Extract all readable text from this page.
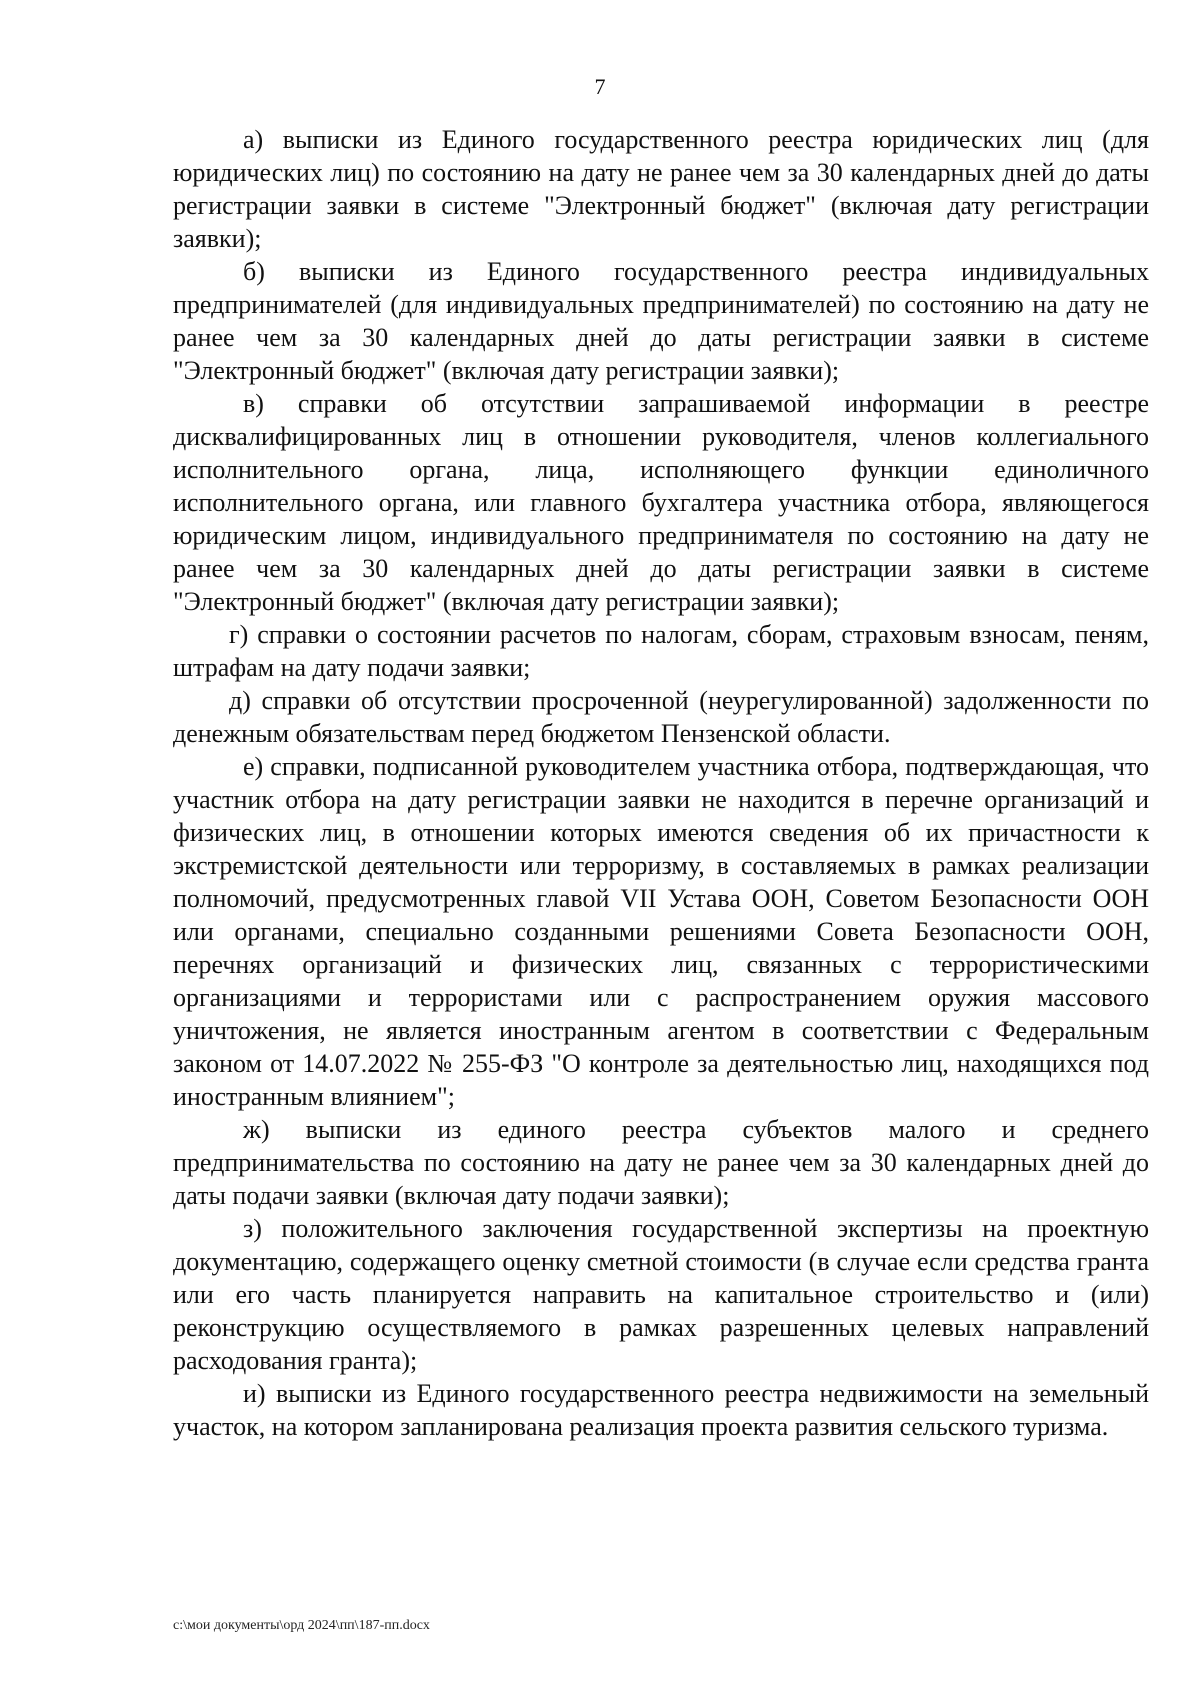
7

а) выписки из Единого государственного реестра юридических лиц (для юридических лиц) по состоянию на дату не ранее чем за 30 календарных дней до даты регистрации заявки в системе "Электронный бюджет" (включая дату регистрации заявки);

б) выписки из Единого государственного реестра индивидуальных предпринимателей (для индивидуальных предпринимателей) по состоянию на дату не ранее чем за 30 календарных дней до даты регистрации заявки в системе "Электронный бюджет" (включая дату регистрации заявки);

в) справки об отсутствии запрашиваемой информации в реестре дисквалифицированных лиц в отношении руководителя, членов коллегиального исполнительного органа, лица, исполняющего функции единоличного исполнительного органа, или главного бухгалтера участника отбора, являющегося юридическим лицом, индивидуального предпринимателя по состоянию на дату не ранее чем за 30 календарных дней до даты регистрации заявки в системе "Электронный бюджет" (включая дату регистрации заявки);

г) справки о состоянии расчетов по налогам, сборам, страховым взносам, пеням, штрафам на дату подачи заявки;

д) справки об отсутствии просроченной (неурегулированной) задолженности по денежным обязательствам перед бюджетом Пензенской области.

е) справки, подписанной руководителем участника отбора, подтверждающая, что участник отбора на дату регистрации заявки не находится в перечне организаций и физических лиц, в отношении которых имеются сведения об их причастности к экстремистской деятельности или терроризму, в составляемых в рамках реализации полномочий, предусмотренных главой VII Устава ООН, Советом Безопасности ООН или органами, специально созданными решениями Совета Безопасности ООН, перечнях организаций и физических лиц, связанных с террористическими организациями и террористами или с распространением оружия массового уничтожения, не является иностранным агентом в соответствии с Федеральным законом от 14.07.2022 № 255-ФЗ "О контроле за деятельностью лиц, находящихся под иностранным влиянием";

ж) выписки из единого реестра субъектов малого и среднего предпринимательства по состоянию на дату не ранее чем за 30 календарных дней до даты подачи заявки (включая дату подачи заявки);

з) положительного заключения государственной экспертизы на проектную документацию, содержащего оценку сметной стоимости (в случае если средства гранта или его часть планируется направить на капитальное строительство и (или) реконструкцию осуществляемого в рамках разрешенных целевых направлений расходования гранта);

и) выписки из Единого государственного реестра недвижимости на земельный участок, на котором запланирована реализация проекта развития сельского туризма.

c:\мои документы\орд 2024\пп\187-пп.docx
